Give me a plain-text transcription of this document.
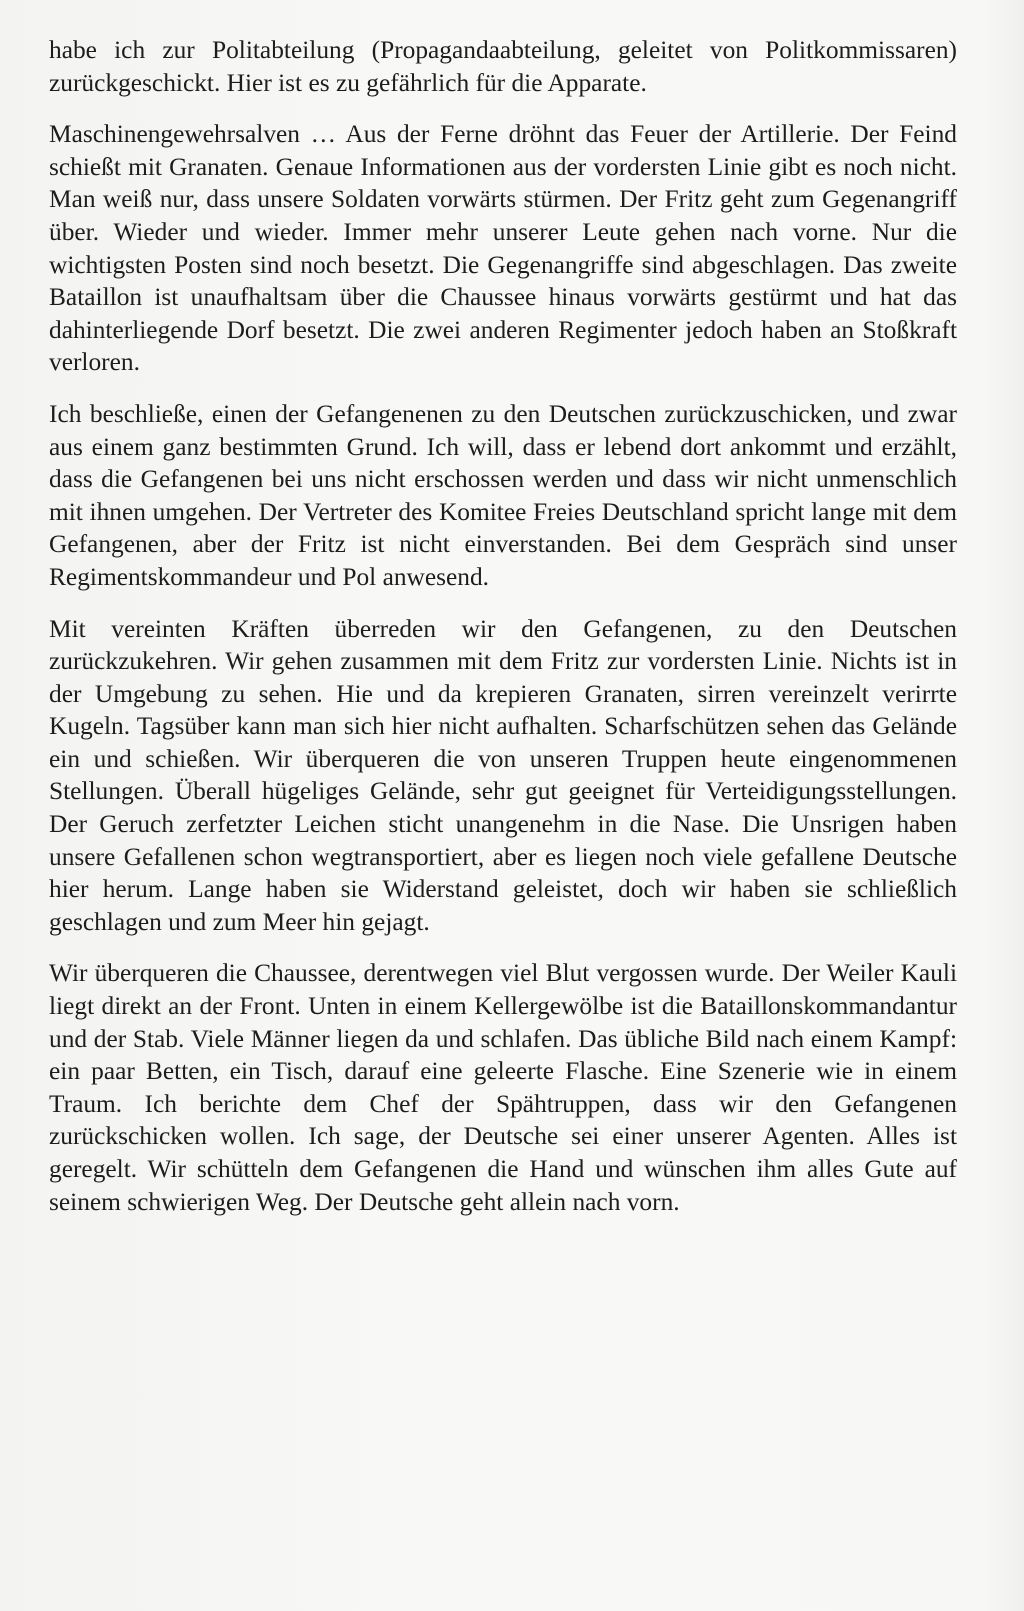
habe ich zur Politabteilung (Propagandaabteilung, geleitet von Politkommissaren) zurückgeschickt. Hier ist es zu gefährlich für die Apparate.

Maschinengewehrsalven … Aus der Ferne dröhnt das Feuer der Artillerie. Der Feind schießt mit Granaten. Genaue Informationen aus der vordersten Linie gibt es noch nicht. Man weiß nur, dass unsere Soldaten vorwärts stürmen. Der Fritz geht zum Gegenangriff über. Wieder und wieder. Immer mehr unserer Leute gehen nach vorne. Nur die wichtigsten Posten sind noch besetzt. Die Gegenangriffe sind abgeschlagen. Das zweite Bataillon ist unaufhaltsam über die Chaussee hinaus vorwärts gestürmt und hat das dahinterliegende Dorf besetzt. Die zwei anderen Regimenter jedoch haben an Stoßkraft verloren.

Ich beschließe, einen der Gefangenenen zu den Deutschen zurückzuschicken, und zwar aus einem ganz bestimmten Grund. Ich will, dass er lebend dort ankommt und erzählt, dass die Gefangenen bei uns nicht erschossen werden und dass wir nicht unmenschlich mit ihnen umgehen. Der Vertreter des Komitee Freies Deutschland spricht lange mit dem Gefangenen, aber der Fritz ist nicht einverstanden. Bei dem Gespräch sind unser Regimentskommandeur und Pol anwesend.

Mit vereinten Kräften überreden wir den Gefangenen, zu den Deutschen zurückzukehren. Wir gehen zusammen mit dem Fritz zur vordersten Linie. Nichts ist in der Umgebung zu sehen. Hie und da krepieren Granaten, sirren vereinzelt verirrte Kugeln. Tagsüber kann man sich hier nicht aufhalten. Scharfschützen sehen das Gelände ein und schießen. Wir überqueren die von unseren Truppen heute eingenommenen Stellungen. Überall hügeliges Gelände, sehr gut geeignet für Verteidigungsstellungen. Der Geruch zerfetzter Leichen sticht unangenehm in die Nase. Die Unsrigen haben unsere Gefallenen schon wegtransportiert, aber es liegen noch viele gefallene Deutsche hier herum. Lange haben sie Widerstand geleistet, doch wir haben sie schließlich geschlagen und zum Meer hin gejagt.

Wir überqueren die Chaussee, derentwegen viel Blut vergossen wurde. Der Weiler Kauli liegt direkt an der Front. Unten in einem Kellergewölbe ist die Bataillonskommandantur und der Stab. Viele Männer liegen da und schlafen. Das übliche Bild nach einem Kampf: ein paar Betten, ein Tisch, darauf eine geleerte Flasche. Eine Szenerie wie in einem Traum. Ich berichte dem Chef der Spähtruppen, dass wir den Gefangenen zurückschicken wollen. Ich sage, der Deutsche sei einer unserer Agenten. Alles ist geregelt. Wir schütteln dem Gefangenen die Hand und wünschen ihm alles Gute auf seinem schwierigen Weg. Der Deutsche geht allein nach vorn.
